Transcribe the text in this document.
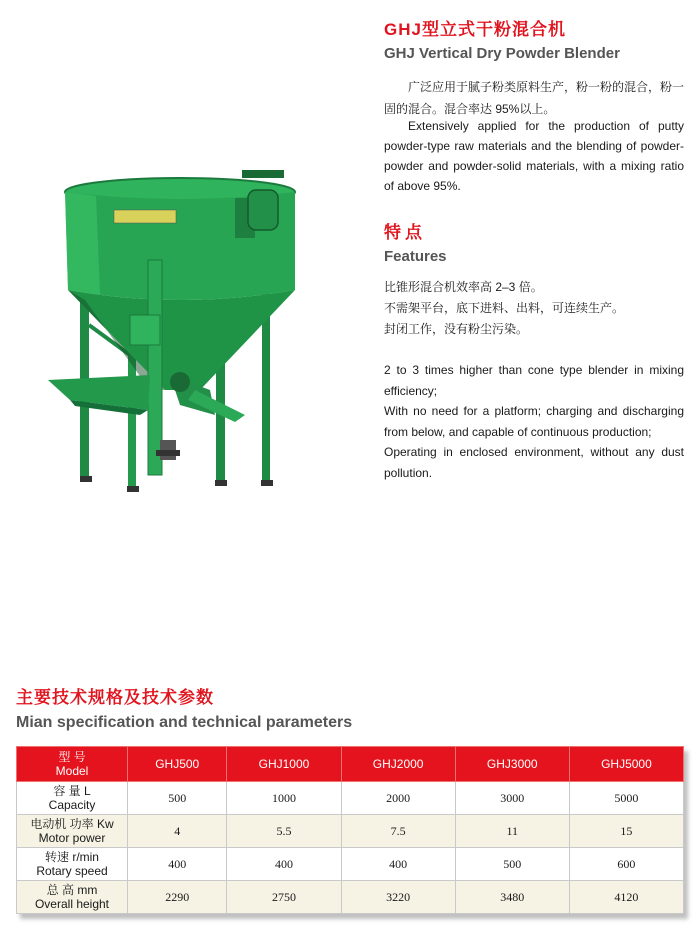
GHJ型立式干粉混合机
GHJ Vertical Dry Powder Blender
广泛应用于腻子粉类原料生产，粉一粉的混合，粉一固的混合。混合率达 95%以上。
Extensively applied for the production of putty powder-type raw materials and the blending of powder-powder and powder-solid materials, with a mixing ratio of above 95%.
特点
Features
比锥形混合机效率高 2–3 倍。
不需架平台，底下进料、出料，可连续生产。
封闭工作，没有粉尘污染。
2 to 3 times higher than cone type blender in mixing efficiency;
With no need for a platform; charging and discharging from below, and capable of continuous production;
Operating in enclosed environment, without any dust pollution.
主要技术规格及技术参数
Mian specification and technical parameters
型 号
Model	GHJ500	GHJ1000	GHJ2000	GHJ3000	GHJ5000

容 量 L
Capacity	500	1000	2000	3000	5000

电动机 功率 Kw
Motor power	4	5.5	7.5	11	15

转速 r/min
Rotary speed	400	400	400	500	600

总 高 mm
Overall height	2290	2750	3220	3480	4120
